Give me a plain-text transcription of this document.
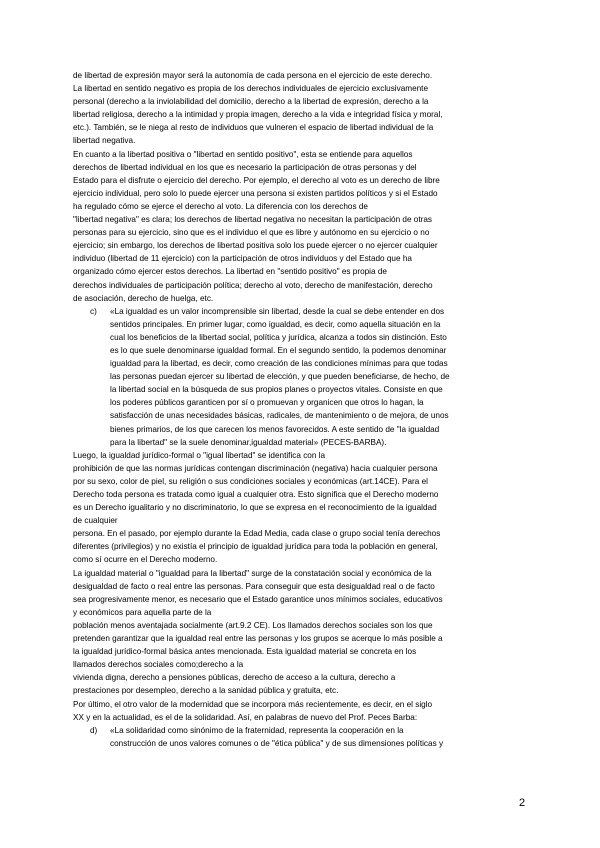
de libertad de expresión mayor será la autonomía de cada persona en el ejercicio de este derecho.
La libertad en sentido negativo es propia de los derechos individuales de ejercicio exclusivamente
personal (derecho a la inviolabilidad del domicilio, derecho a la libertad de expresión, derecho a la
libertad religiosa, derecho a la intimidad y propia imagen, derecho a la vida e integridad física y moral,
etc.). También, se le niega al resto de individuos que vulneren el espacio de libertad individual de la
libertad negativa.
En cuanto a la libertad positiva o "libertad en sentido positivo", esta se entiende para aquellos
derechos de libertad individual en los que es necesario la participación de otras personas y del
Estado para el disfrute o ejercicio del derecho. Por ejemplo, el derecho al voto es un derecho de libre
ejercicio individual, pero solo lo puede ejercer una persona si existen partidos políticos y si el Estado
ha regulado cómo se ejerce el derecho al voto. La diferencia con los derechos de
"libertad negativa" es clara; los derechos de libertad negativa no necesitan la participación de otras
personas para su ejercicio, sino que es el individuo el que es libre y autónomo en su ejercicio o no
ejercicio; sin embargo, los derechos de libertad positiva solo los puede ejercer o no ejercer cualquier
individuo (libertad de 11 ejercicio) con la participación de otros individuos y del Estado que ha
organizado cómo ejercer estos derechos. La libertad en "sentido positivo" es propia de
derechos individuales de participación política; derecho al voto, derecho de manifestación, derecho
de asociación, derecho de huelga, etc.
c) «La igualdad es un valor incomprensible sin libertad, desde la cual se debe entender en dos
sentidos principales. En primer lugar, como igualdad, es decir, como aquella situación en la
cual los beneficios de la libertad social, política y jurídica, alcanza a todos sin distinción. Esto
es lo que suele denominarse igualdad formal. En el segundo sentido, la podemos denominar
igualdad para la libertad, es decir, como creación de las condiciones mínimas para que todas
las personas puedan ejercer su libertad de elección, y que pueden beneficiarse, de hecho, de
la libertad social en la búsqueda de sus propios planes o proyectos vitales. Consiste en que
los poderes públicos garanticen por sí o promuevan y organicen que otros lo hagan, la
satisfacción de unas necesidades básicas, radicales, de mantenimiento o de mejora, de unos
bienes primarios, de los que carecen los menos favorecidos. A este sentido de "la igualdad
para la libertad" se la suele denominar,igualdad material» (PECES-BARBA).
Luego, la igualdad jurídico-formal o "igual libertad" se identifica con la
prohibición de que las normas jurídicas contengan discriminación (negativa) hacia cualquier persona
por su sexo, color de piel, su religión o sus condiciones sociales y económicas (art.14CE). Para el
Derecho toda persona es tratada como igual a cualquier otra. Esto significa que el Derecho moderno
es un Derecho igualitario y no discriminatorio, lo que se expresa en el reconocimiento de la igualdad
de cualquier
persona. En el pasado, por ejemplo durante la Edad Media, cada clase o grupo social tenía derechos
diferentes (privilegios) y no existía el principio de igualdad jurídica para toda la población en general,
como sí ocurre en el Derecho moderno.
La igualdad material o "igualdad para la libertad" surge de la constatación social y económica de la
desigualdad de facto o real entre las personas. Para conseguir que esta desigualdad real o de facto
sea progresivamente menor, es necesario que el Estado garantice unos mínimos sociales, educativos
y económicos para aquella parte de la
población menos aventajada socialmente (art.9.2 CE). Los llamados derechos sociales son los que
pretenden garantizar que la igualdad real entre las personas y los grupos se acerque lo más posible a
la igualdad jurídico-formal básica antes mencionada. Esta igualdad material se concreta en los
llamados derechos sociales como;derecho a la
vivienda digna, derecho a pensiones públicas, derecho de acceso a la cultura, derecho a
prestaciones por desempleo, derecho a la sanidad pública y gratuita, etc.
Por último, el otro valor de la modernidad que se incorpora más recientemente, es decir, en el siglo
XX y en la actualidad, es el de la solidaridad. Así, en palabras de nuevo del Prof. Peces Barba:
d) «La solidaridad como sinónimo de la fraternidad, representa la cooperación en la
construcción de unos valores comunes o de "ética pública" y de sus dimensiones políticas y
2
